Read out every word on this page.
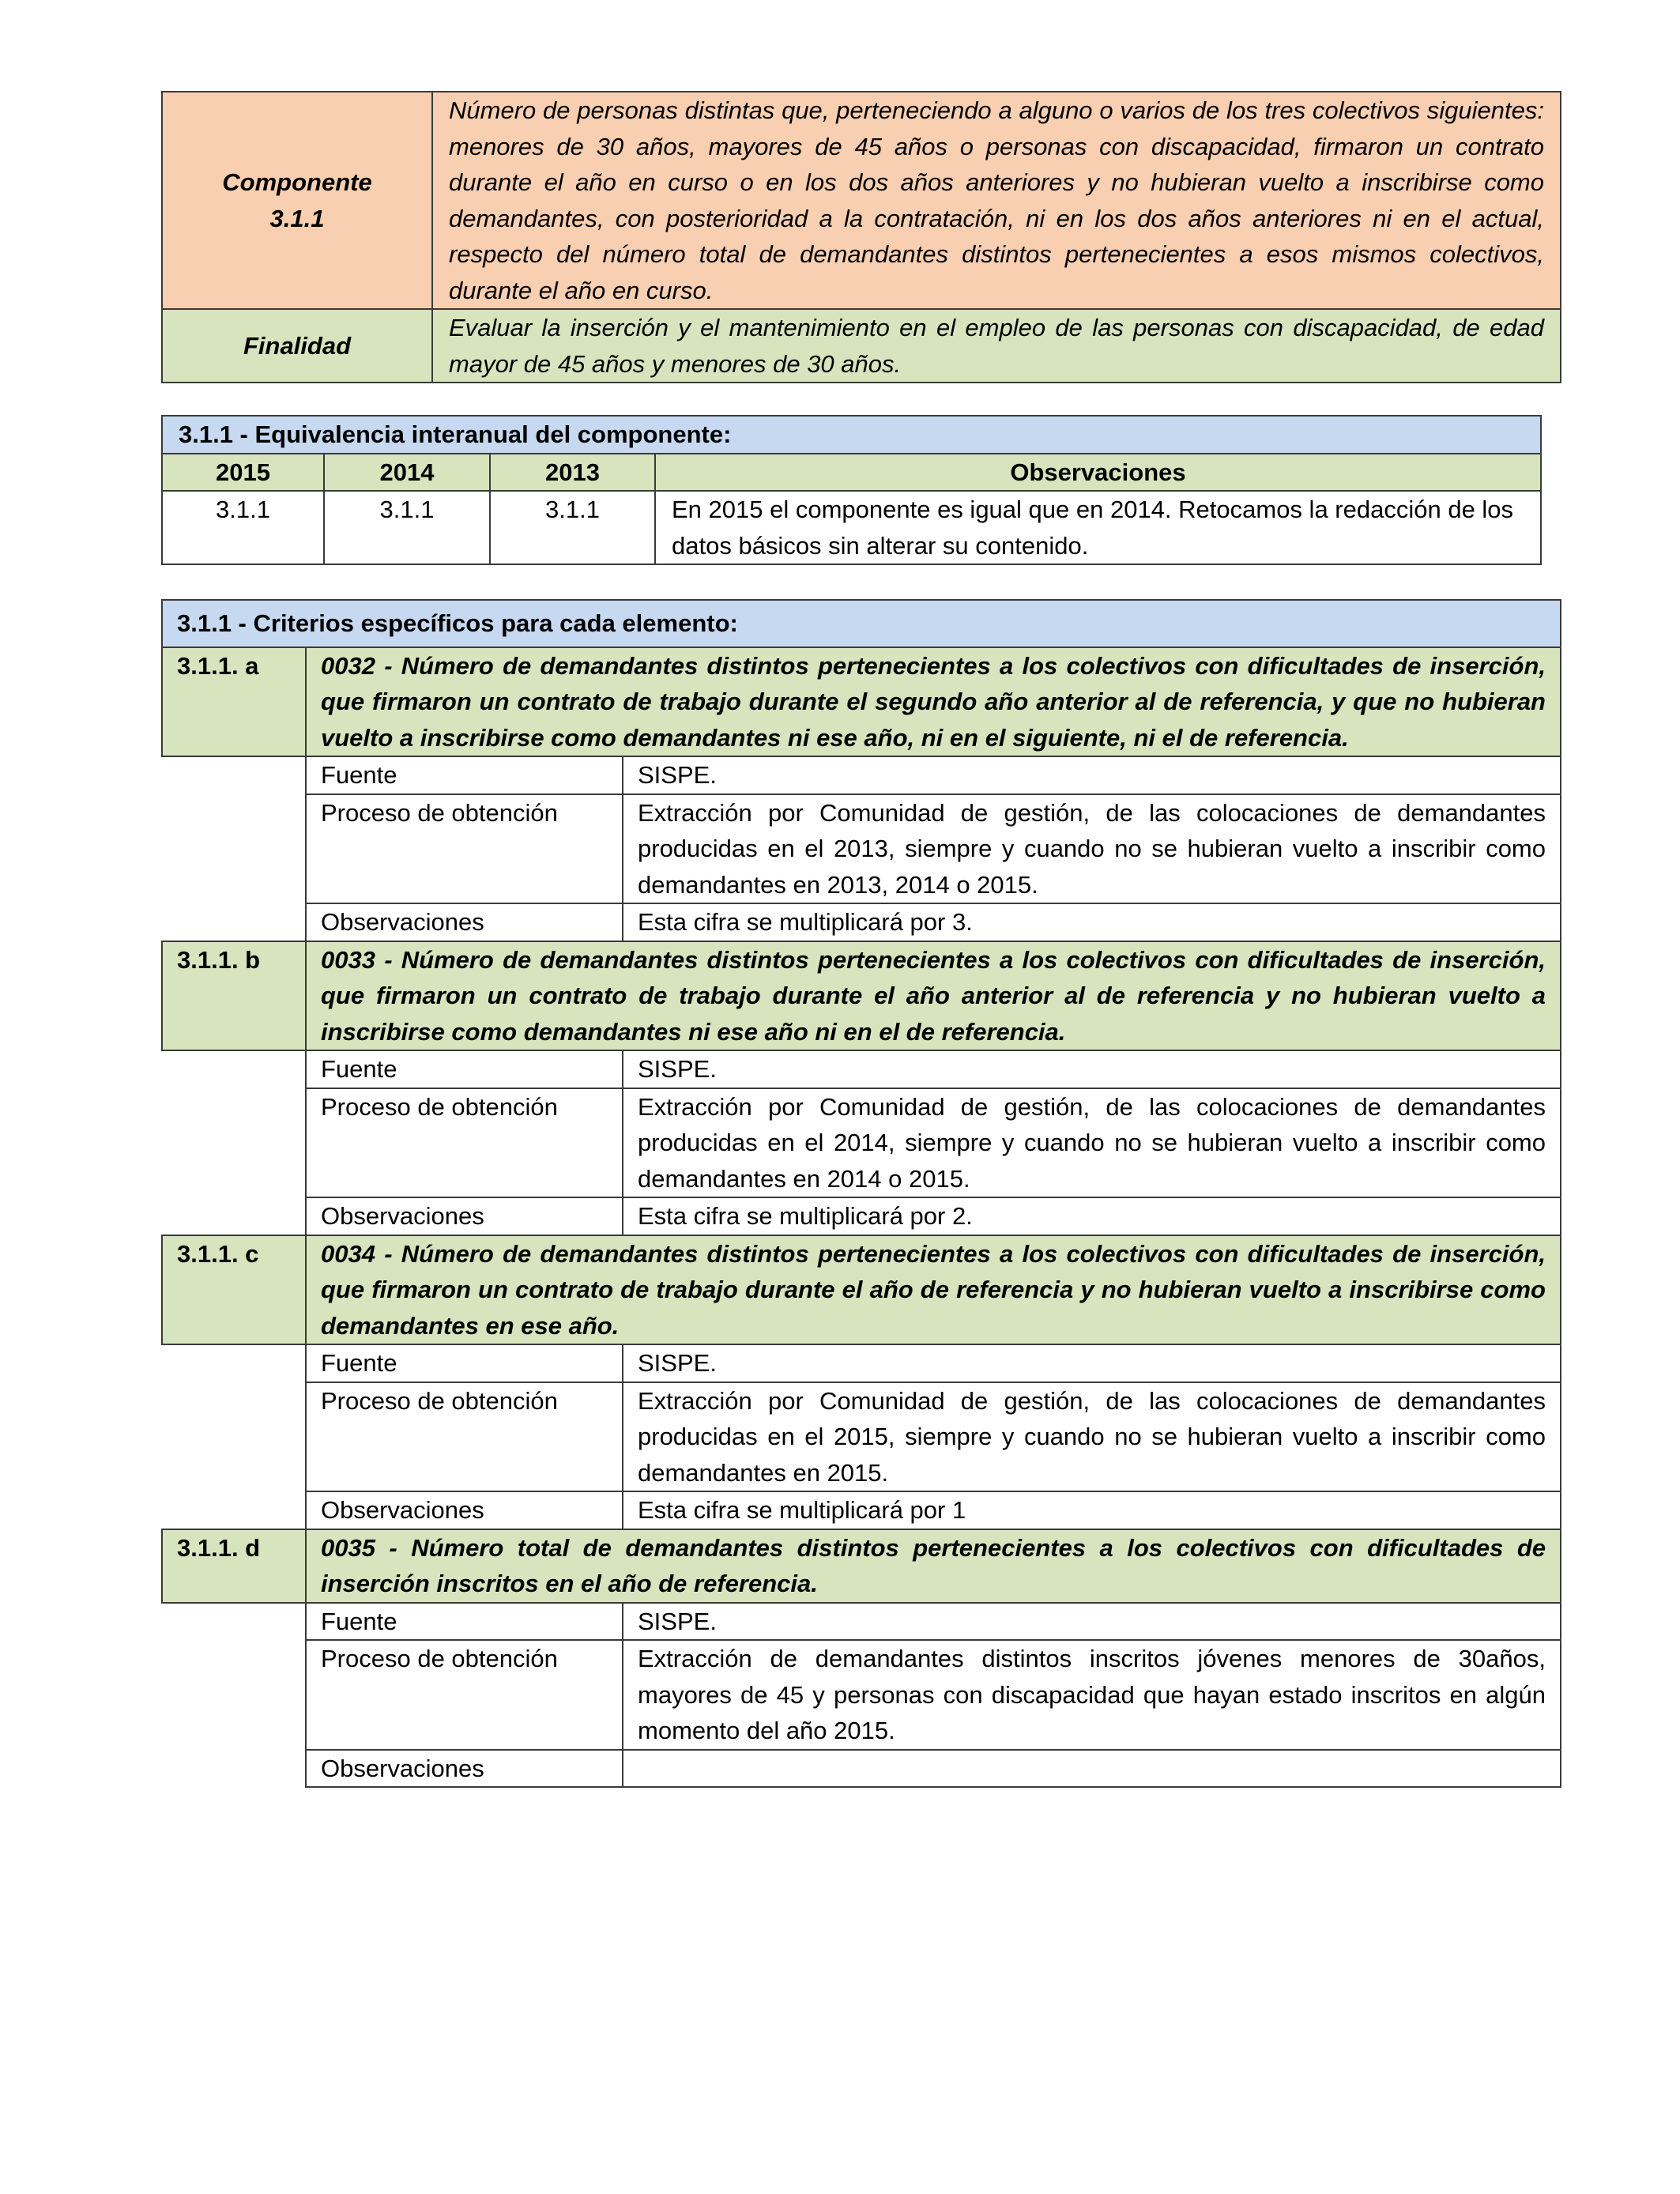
Componente
3.1.1	Número de personas distintas que, perteneciendo a alguno o varios de los tres colectivos siguientes: menores de 30 años, mayores de 45 años o personas con discapacidad, firmaron un contrato durante el año en curso o en los dos años anteriores y no hubieran vuelto a inscribirse como demandantes, con posterioridad a la contratación, ni en los dos años anteriores ni en el actual, respecto del número total de demandantes distintos pertenecientes a esos mismos colectivos, durante el año en curso.
Finalidad	Evaluar la inserción y el mantenimiento en el empleo de las personas con discapacidad, de edad mayor de 45 años y menores de 30 años.
3.1.1 - Equivalencia interanual del componente:			
2015	2014	2013	Observaciones
3.1.1	3.1.1	3.1.1	En 2015 el componente es igual que en 2014. Retocamos la redacción de los datos básicos sin alterar su contenido.
3.1.1 - Criterios específicos para cada elemento:		
3.1.1. a	0032 - Número de demandantes distintos pertenecientes a los colectivos con dificultades de inserción, que firmaron un contrato de trabajo durante el segundo año anterior al de referencia, y que no hubieran vuelto a inscribirse como demandantes ni ese año, ni en el siguiente, ni el de referencia.	
	Fuente	SISPE.
	Proceso de obtención	Extracción por Comunidad de gestión, de las colocaciones de demandantes producidas en el 2013, siempre y cuando no se hubieran vuelto a inscribir como demandantes en 2013, 2014 o 2015.
	Observaciones	Esta cifra se multiplicará por 3.
3.1.1. b	0033 - Número de demandantes distintos pertenecientes a los colectivos con dificultades de inserción, que firmaron un contrato de trabajo durante el año anterior al de referencia y no hubieran vuelto a inscribirse como demandantes ni ese año ni en el de referencia.	
	Fuente	SISPE.
	Proceso de obtención	Extracción por Comunidad de gestión, de las colocaciones de demandantes producidas en el 2014, siempre y cuando no se hubieran vuelto a inscribir como demandantes en 2014 o 2015.
	Observaciones	Esta cifra se multiplicará por 2.
3.1.1. c	0034 - Número de demandantes distintos pertenecientes a los colectivos con dificultades de inserción, que firmaron un contrato de trabajo durante el año de referencia y no hubieran vuelto a inscribirse como demandantes en ese año.	
	Fuente	SISPE.
	Proceso de obtención	Extracción por Comunidad de gestión, de las colocaciones de demandantes producidas en el 2015, siempre y cuando no se hubieran vuelto a inscribir como demandantes en 2015.
	Observaciones	Esta cifra se multiplicará por 1
3.1.1. d	0035 - Número total de demandantes distintos pertenecientes a los colectivos con dificultades de inserción inscritos en el año de referencia.	
	Fuente	SISPE.
	Proceso de obtención	Extracción de demandantes distintos inscritos jóvenes menores de 30años, mayores de 45 y personas con discapacidad que hayan estado inscritos en algún momento del año 2015.
	Observaciones	
